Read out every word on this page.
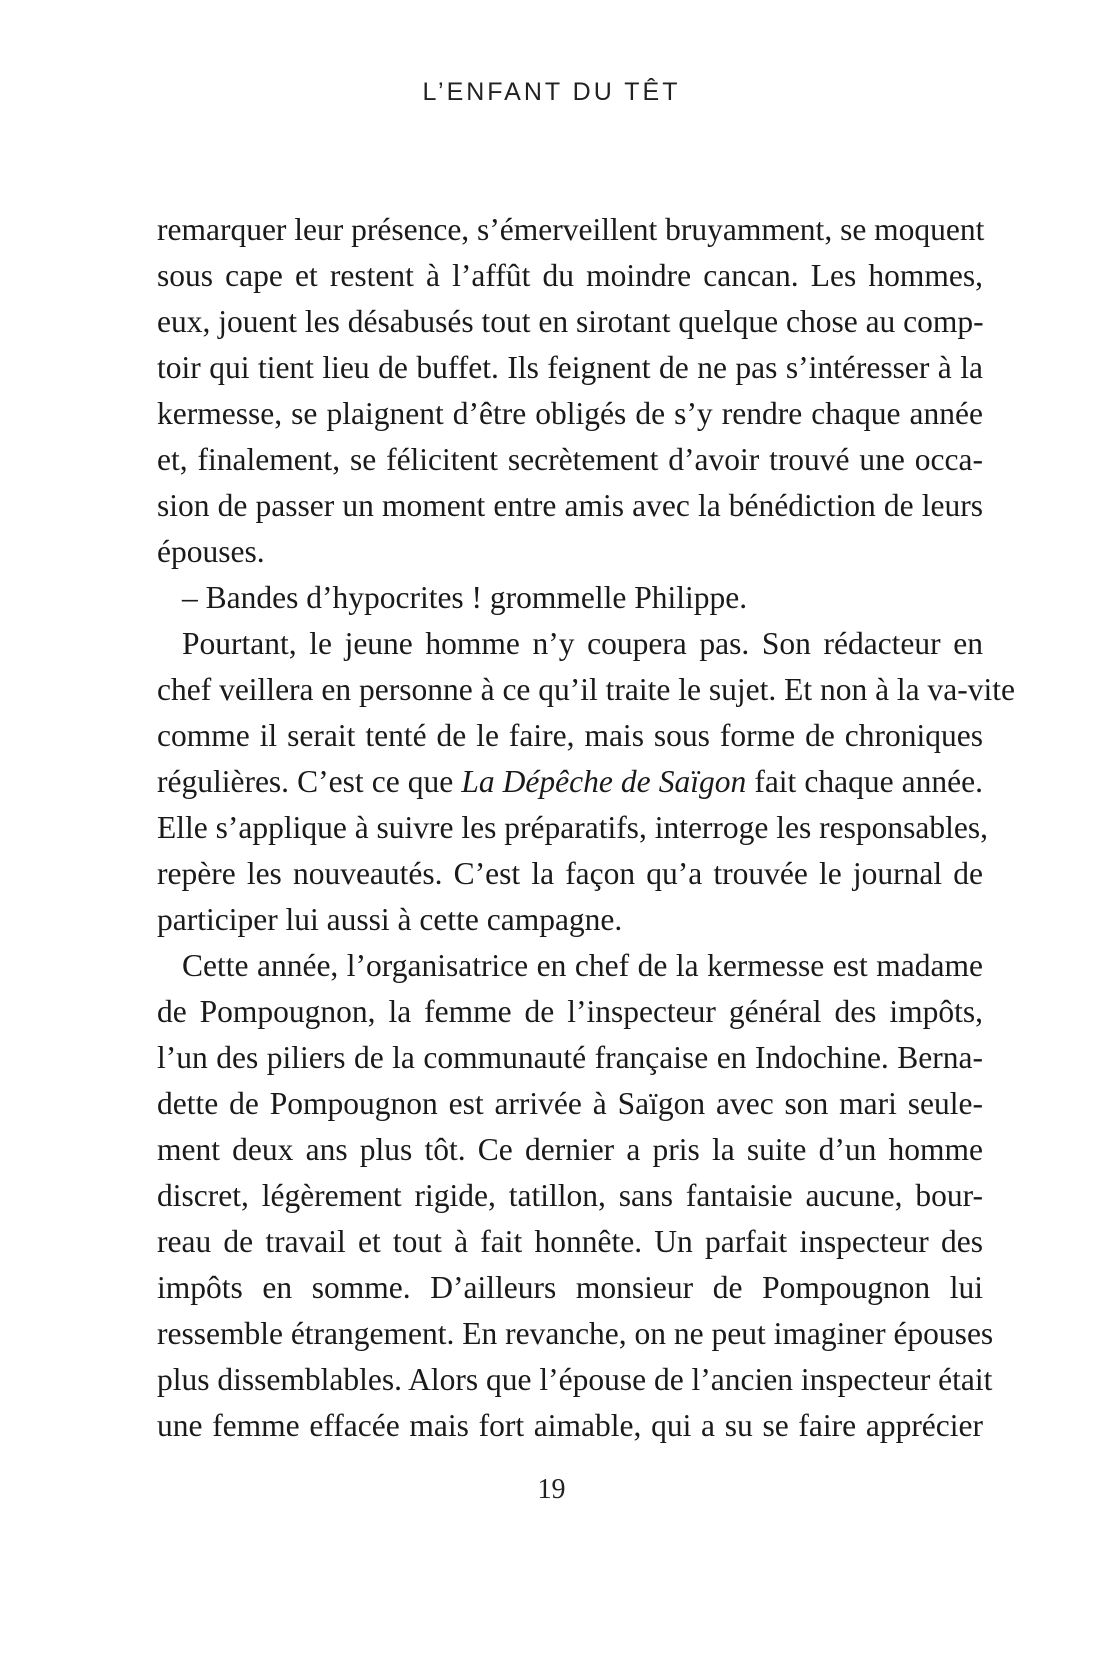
L’ENFANT DU TÊT
remarquer leur présence, s’émerveillent bruyamment, se moquent
sous cape et restent à l’affût du moindre cancan. Les hommes,
eux, jouent les désabusés tout en sirotant quelque chose au comp-
toir qui tient lieu de buffet. Ils feignent de ne pas s’intéresser à la
kermesse, se plaignent d’être obligés de s’y rendre chaque année
et, finalement, se félicitent secrètement d’avoir trouvé une occa-
sion de passer un moment entre amis avec la bénédiction de leurs
épouses.
– Bandes d’hypocrites ! grommelle Philippe.
Pourtant, le jeune homme n’y coupera pas. Son rédacteur en
chef veillera en personne à ce qu’il traite le sujet. Et non à la va-vite
comme il serait tenté de le faire, mais sous forme de chroniques
régulières. C’est ce que La Dépêche de Saïgon fait chaque année.
Elle s’applique à suivre les préparatifs, interroge les responsables,
repère les nouveautés. C’est la façon qu’a trouvée le journal de
participer lui aussi à cette campagne.
Cette année, l’organisatrice en chef de la kermesse est madame
de Pompougnon, la femme de l’inspecteur général des impôts,
l’un des piliers de la communauté française en Indochine. Berna-
dette de Pompougnon est arrivée à Saïgon avec son mari seule-
ment deux ans plus tôt. Ce dernier a pris la suite d’un homme
discret, légèrement rigide, tatillon, sans fantaisie aucune, bour-
reau de travail et tout à fait honnête. Un parfait inspecteur des
impôts en somme. D’ailleurs monsieur de Pompougnon lui
ressemble étrangement. En revanche, on ne peut imaginer épouses
plus dissemblables. Alors que l’épouse de l’ancien inspecteur était
une femme effacée mais fort aimable, qui a su se faire apprécier
19
